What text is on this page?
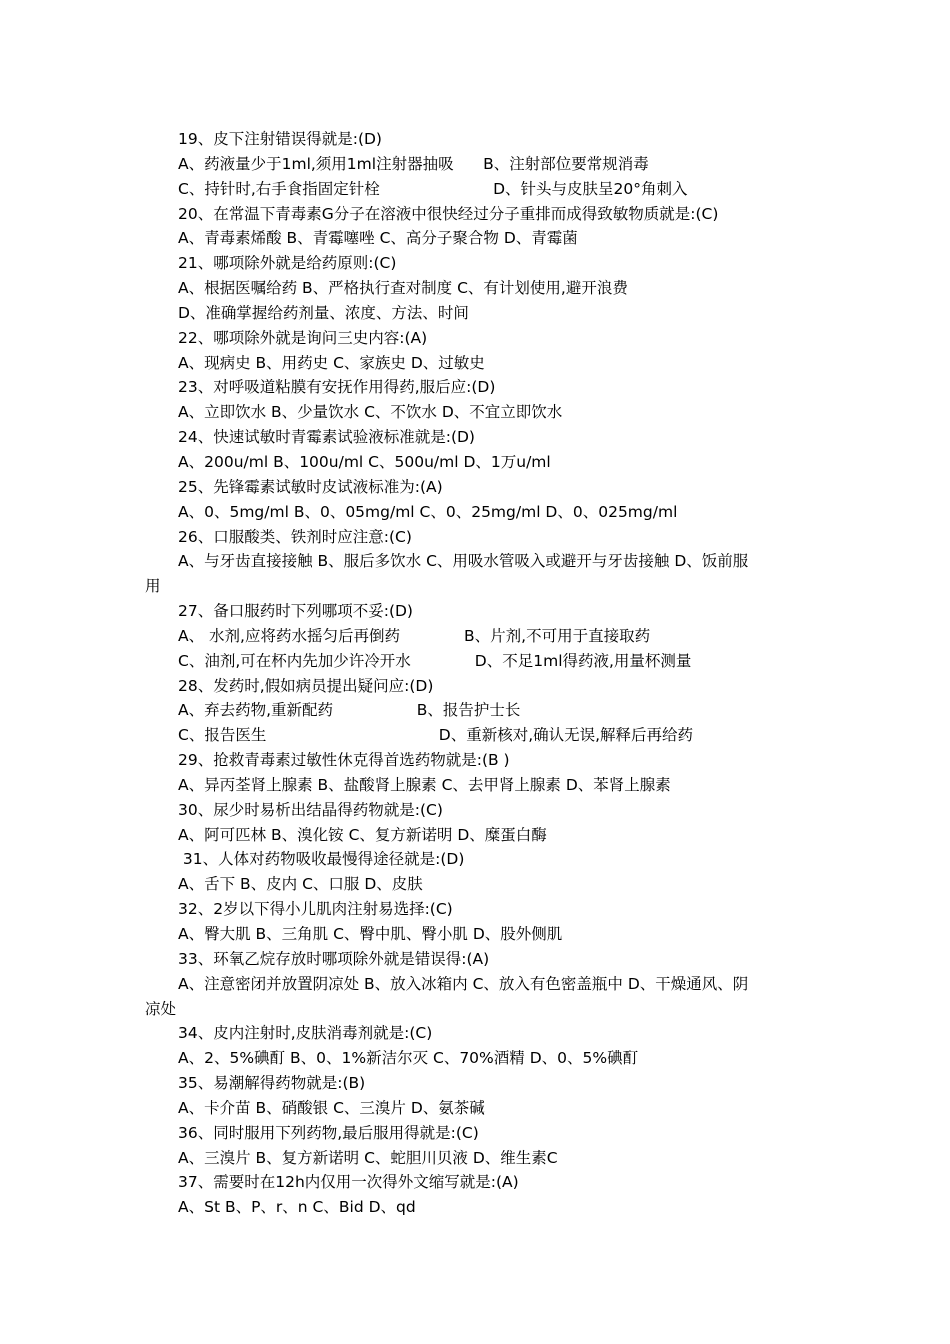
19、皮下注射错误得就是:(D)
A、药液量少于1ml,须用1ml注射器抽吸      B、注射部位要常规消毒
C、持针时,右手食指固定针栓                       D、针头与皮肤呈20°角刺入
20、在常温下青毒素G分子在溶液中很快经过分子重排而成得致敏物质就是:(C)
A、青毒素烯酸 B、青霉噻唑 C、高分子聚合物 D、青霉菌
21、哪项除外就是给药原则:(C)
A、根据医嘱给药 B、严格执行查对制度 C、有计划使用,避开浪费
D、准确掌握给药剂量、浓度、方法、时间
22、哪项除外就是询问三史内容:(A)
A、现病史 B、用药史 C、家族史 D、过敏史
23、对呼吸道粘膜有安抚作用得药,服后应:(D)
A、立即饮水 B、少量饮水 C、不饮水 D、不宜立即饮水
24、快速试敏时青霉素试验液标准就是:(D)
A、200u/ml B、100u/ml C、500u/ml D、1万u/ml
25、先锋霉素试敏时皮试液标准为:(A)
A、0、5mg/ml B、0、05mg/ml C、0、25mg/ml D、0、025mg/ml
26、口服酸类、铁剂时应注意:(C)
A、与牙齿直接接触 B、服后多饮水 C、用吸水管吸入或避开与牙齿接触 D、饭前服
用
27、备口服药时下列哪项不妥:(D)
A、 水剂,应将药水摇匀后再倒药             B、片剂,不可用于直接取药
C、油剂,可在杯内先加少许冷开水             D、不足1ml得药液,用量杯测量
28、发药时,假如病员提出疑问应:(D)
A、弃去药物,重新配药                 B、报告护士长
C、报告医生                                   D、重新核对,确认无误,解释后再给药
29、抢救青毒素过敏性休克得首选药物就是:(B )
A、异丙荃肾上腺素 B、盐酸肾上腺素 C、去甲肾上腺素 D、苯肾上腺素
30、尿少时易析出结晶得药物就是:(C)
A、阿可匹林 B、溴化铵 C、复方新诺明 D、糜蛋白酶
31、人体对药物吸收最慢得途径就是:(D)
A、舌下 B、皮内 C、口服 D、皮肤
32、2岁以下得小儿肌肉注射易选择:(C)
A、臀大肌 B、三角肌 C、臀中肌、臀小肌 D、股外侧肌
33、环氧乙烷存放时哪项除外就是错误得:(A)
A、注意密闭并放置阴凉处 B、放入冰箱内 C、放入有色密盖瓶中 D、干燥通风、阴
凉处
34、皮内注射时,皮肤消毒剂就是:(C)
A、2、5%碘酊 B、0、1%新洁尔灭 C、70%酒精 D、0、5%碘酊
35、易潮解得药物就是:(B)
A、卡介苗 B、硝酸银 C、三溴片 D、氨茶碱
36、同时服用下列药物,最后服用得就是:(C)
A、三溴片 B、复方新诺明 C、蛇胆川贝液 D、维生素C
37、需要时在12h内仅用一次得外文缩写就是:(A)
A、St B、P、r、n C、Bid D、qd
